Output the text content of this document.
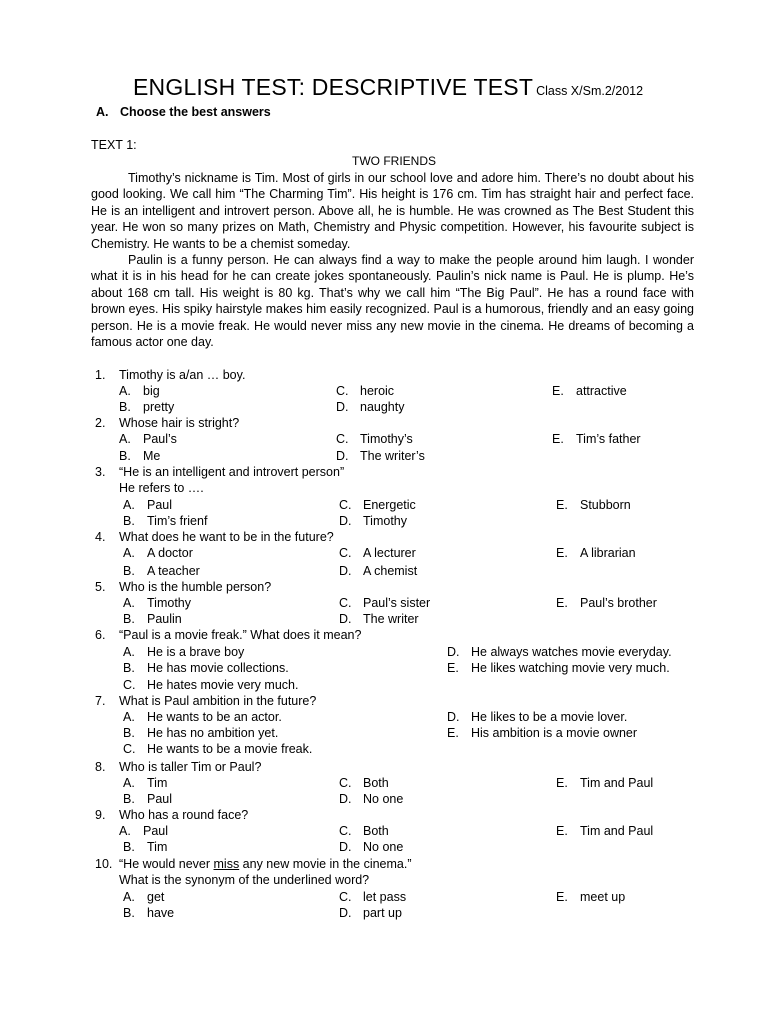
ENGLISH TEST: DESCRIPTIVE TEST Class X/Sm.2/2012
A. Choose the best answers
TEXT 1:
TWO FRIENDS

Timothy’s nickname is Tim. Most of girls in our school love and adore him. There’s no doubt about his good looking. We call him “The Charming Tim”. His height is 176 cm. Tim has straight hair and perfect face. He is an intelligent and introvert person. Above all, he is humble. He was crowned as The Best Student this year. He won so many prizes on Math, Chemistry and Physic competition. However, his favourite subject is Chemistry. He wants to be a chemist someday.

Paulin is a funny person. He can always find a way to make the people around him laugh. I wonder what it is in his head for he can create jokes spontaneously. Paulin’s nick name is Paul. He is plump. He’s about 168 cm tall. His weight is 80 kg. That’s why we call him “The Big Paul”. He has a round face with brown eyes. His spiky hairstyle makes him easily recognized. Paul is a humorous, friendly and an easy going person. He is a movie freak. He would never miss any new movie in the cinema. He dreams of becoming a famous actor one day.

1.	Timothy is a/an … boy.
A. big
B. pretty
C. heroic
D. naughty
E. attractive
2.	Whose hair is stright?
A. Paul’s
B. Me
C. Timothy’s
D. The writer’s
E. Tim’s father
3.	“He is an intelligent and introvert person”
He refers to ….
A. Paul
B. Tim’s frienf
C. Energetic
D. Timothy
E. Stubborn
4.	What does he want to be in the future?
A. A doctor
B. A teacher
C. A lecturer
D. A chemist
E. A librarian
5.	Who is the humble person?
A. Timothy
B. Paulin
C. Paul’s sister
D. The writer
E. Paul’s brother
6.	“Paul is a movie freak.” What does it mean?
A. He is a brave boy
B. He has movie collections.
C. He hates movie very much.
D. He always watches movie everyday.
E. He likes watching movie very much.
7.	What is Paul ambition in the future?
A. He wants to be an actor.
B. He has no ambition yet.
C. He wants to be a movie freak.
D. He likes to be a movie lover.
E. His ambition is a movie owner
8.	Who is taller Tim or Paul?
A. Tim
B. Paul
C. Both
D. No one
E. Tim and Paul
9.	Who has a round face?
A. Paul
B. Tim
C. Both
D. No one
E. Tim and Paul
10. “He would never miss any new movie in the cinema.”
What is the synonym of the underlined word?
A. get
B. have
C. let pass
D. part up
E. meet up
